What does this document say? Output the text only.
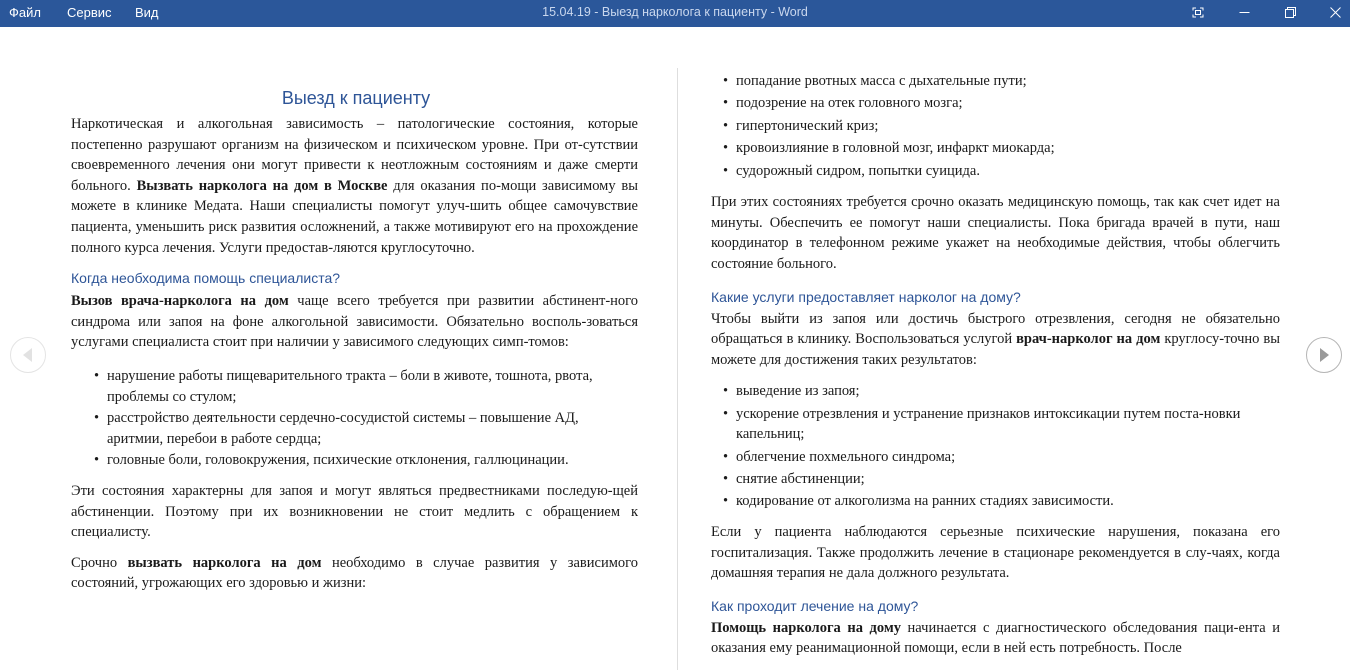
Файл Сервис Вид	15.04.19 - Выезд нарколога к пациенту - Word
Выезд к пациенту

Наркотическая и алкогольная зависимость – патологические состояния, которые постепенно разрушают организм на физическом и психическом уровне. При от-сутствии своевременного лечения они могут привести к неотложным состояниям и даже смерти больного. Вызвать нарколога на дом в Москве для оказания по-мощи зависимому вы можете в клинике Медата. Наши специалисты помогут улуч-шить общее самочувствие пациента, уменьшить риск развития осложнений, а также мотивируют его на прохождение полного курса лечения. Услуги предостав-ляются круглосуточно.

Когда необходима помощь специалиста?

Вызов врача-нарколога на дом чаще всего требуется при развитии абстинент-ного синдрома или запоя на фоне алкогольной зависимости. Обязательно восполь-зоваться услугами специалиста стоит при наличии у зависимого следующих симп-томов:

• нарушение работы пищеварительного тракта – боли в животе, тошнота, рвота, проблемы со стулом;
• расстройство деятельности сердечно-сосудистой системы – повышение АД, аритмии, перебои в работе сердца;
• головные боли, головокружения, психические отклонения, галлюцинации.

Эти состояния характерны для запоя и могут являться предвестниками последую-щей абстиненции. Поэтому при их возникновении не стоит медлить с обращением к специалисту.

Срочно вызвать нарколога на дом необходимо в случае развития у зависимого состояний, угрожающих его здоровью и жизни:

• попадание рвотных масса с дыхательные пути;
• подозрение на отек головного мозга;
• гипертонический криз;
• кровоизлияние в головной мозг, инфаркт миокарда;
• судорожный сидром, попытки суицида.

При этих состояниях требуется срочно оказать медицинскую помощь, так как счет идет на минуты. Обеспечить ее помогут наши специалисты. Пока бригада врачей в пути, наш координатор в телефонном режиме укажет на необходимые действия, чтобы облегчить состояние больного.

Какие услуги предоставляет нарколог на дому?

Чтобы выйти из запоя или достичь быстрого отрезвления, сегодня не обязательно обращаться в клинику. Воспользоваться услугой врач-нарколог на дом круглосу-точно вы можете для достижения таких результатов:

• выведение из запоя;
• ускорение отрезвления и устранение признаков интоксикации путем поста-новки капельниц;
• облегчение похмельного синдрома;
• снятие абстиненции;
• кодирование от алкоголизма на ранних стадиях зависимости.

Если у пациента наблюдаются серьезные психические нарушения, показана его госпитализация. Также продолжить лечение в стационаре рекомендуется в слу-чаях, когда домашняя терапия не дала должного результата.

Как проходит лечение на дому?

Помощь нарколога на дому начинается с диагностического обследования паци-ента и оказания ему реанимационной помощи, если в ней есть потребность. После
